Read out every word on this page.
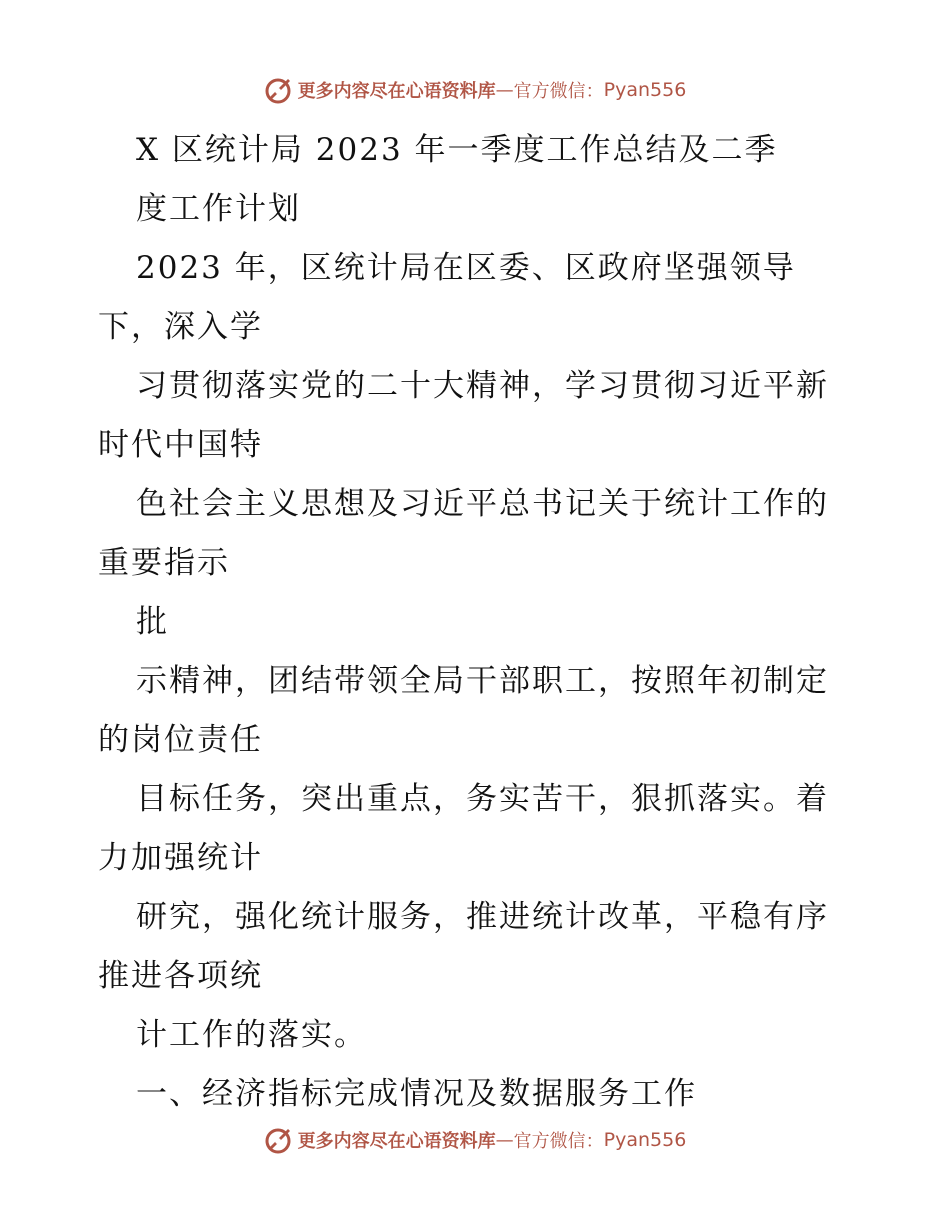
更多内容尽在心语资料库 — 官方微信： Pyan556
X 区统计局 2023 年一季度工作总结及二季
度工作计划
2023 年，区统计局在区委、区政府坚强领导
下，深入学
习贯彻落实党的二十大精神，学习贯彻习近平新
时代中国特
色社会主义思想及习近平总书记关于统计工作的
重要指示
批
示精神，团结带领全局干部职工，按照年初制定
的岗位责任
目标任务，突出重点，务实苦干，狠抓落实。着
力加强统计
研究，强化统计服务，推进统计改革，平稳有序
推进各项统
计工作的落实。
一、经济指标完成情况及数据服务工作
更多内容尽在心语资料库 — 官方微信： Pyan556
